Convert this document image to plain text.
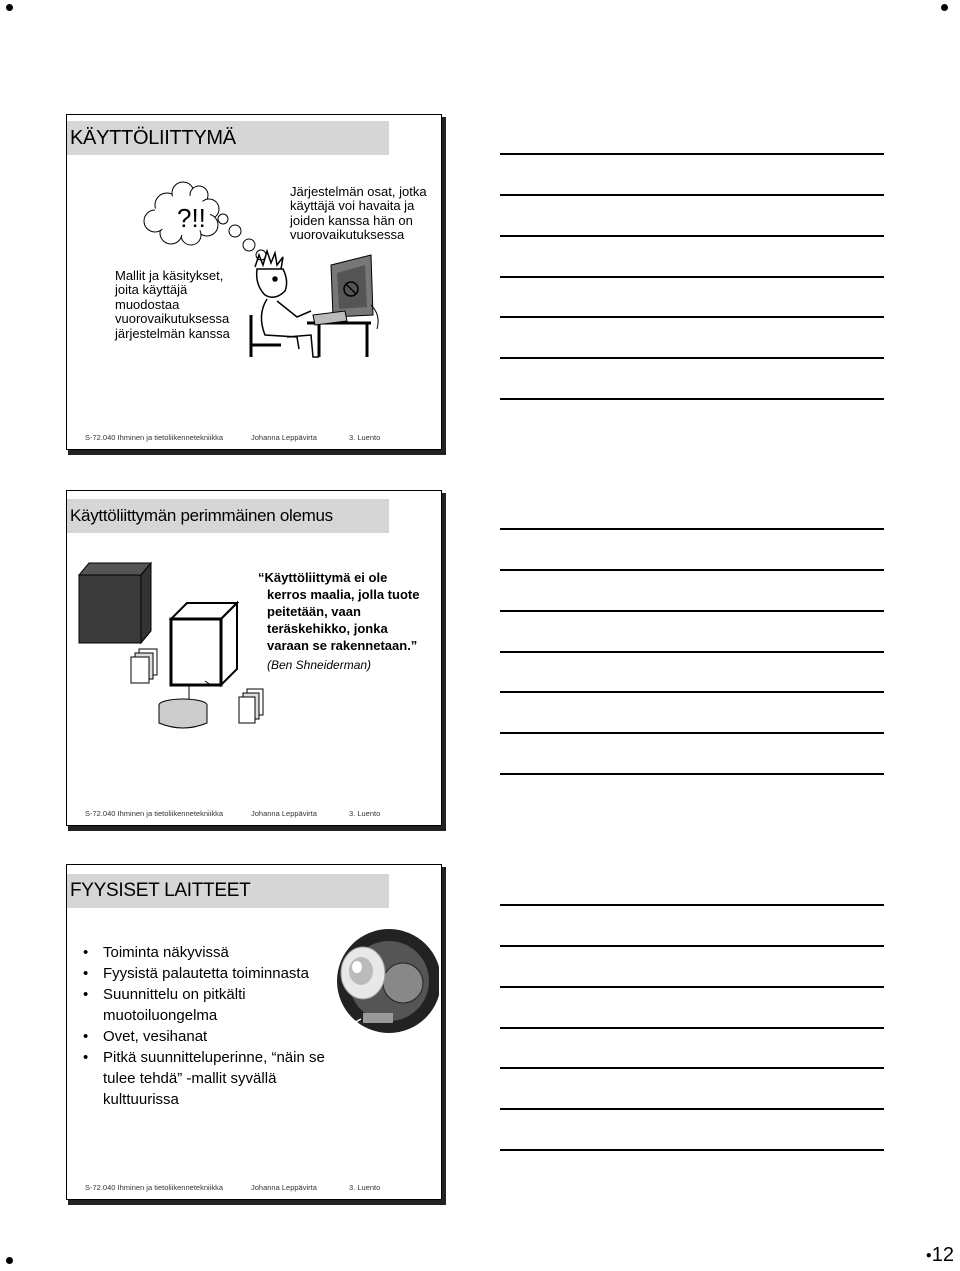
●12
KÄYTTÖLIITTYMÄ
?!!
Järjestelmän osat, jotka
käyttäjä voi havaita ja
joiden kanssa hän on
vuorovaikutuksessa
Mallit ja käsitykset,
joita käyttäjä
muodostaa
vuorovaikutuksessa
järjestelmän kanssa
S-72.040 Ihminen ja tietoliikennetekniikka	Johanna Leppävirta	3. Luento
Käyttöliittymän perimmäinen olemus
“Käyttöliittymä ei ole
kerros maalia, jolla tuote
peitetään, vaan
teräskehikko, jonka
varaan se rakennetaan.”
(Ben Shneiderman)
S-72.040 Ihminen ja tietoliikennetekniikka	Johanna Leppävirta	3. Luento
FYYSISET LAITTEET
• Toiminta näkyvissä
• Fyysistä palautetta toiminnasta
• Suunnittelu on pitkälti
muotoiluongelma
• Ovet, vesihanat
• Pitkä suunnitteluperinne, “näin se
tulee tehdä” -mallit syvällä
kulttuurissa
S-72.040 Ihminen ja tietoliikennetekniikka	Johanna Leppävirta	3. Luento
